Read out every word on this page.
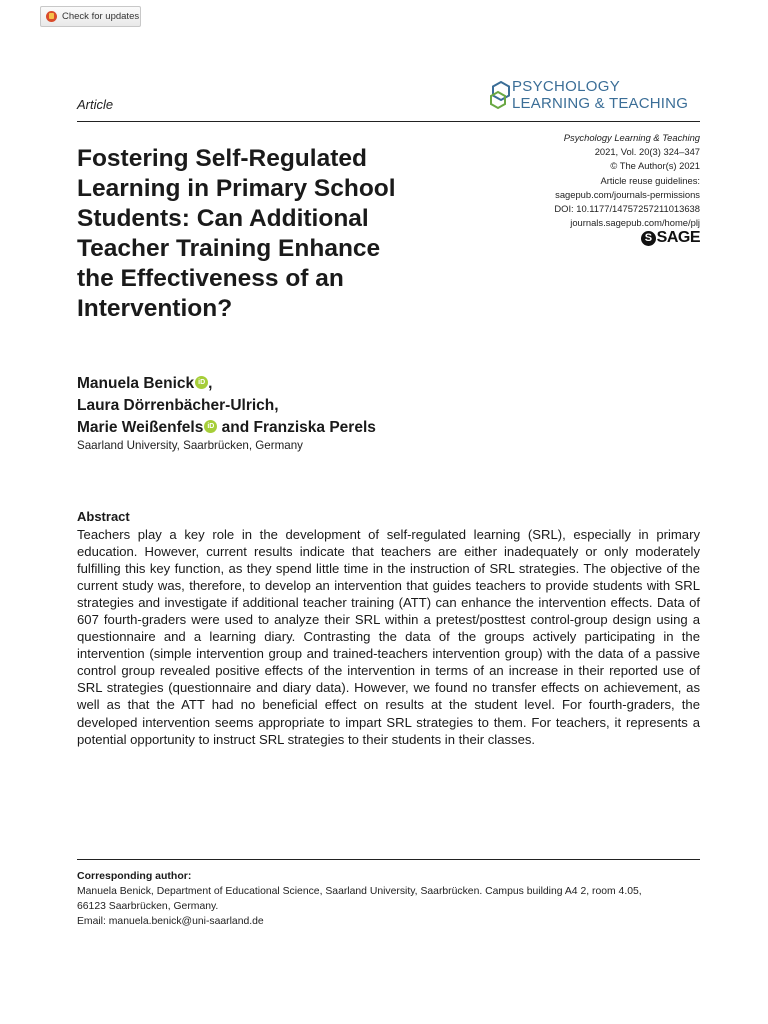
Check for updates
Article
PSYCHOLOGY
LEARNING & TEACHING
Psychology Learning & Teaching
2021, Vol. 20(3) 324–347
© The Author(s) 2021
Article reuse guidelines:
sagepub.com/journals-permissions
DOI: 10.1177/14757257211013638
journals.sagepub.com/home/plj
S SAGE
Fostering Self-Regulated
Learning in Primary School
Students: Can Additional
Teacher Training Enhance
the Effectiveness of an
Intervention?
Manuela BenickiD ,
Laura Dörrenbächer-Ulrich,
Marie WeißenfelsiD and Franziska Perels
Saarland University, Saarbrücken, Germany
Abstract
Teachers play a key role in the development of self-regulated learning (SRL), especially in primary education. However, current results indicate that teachers are either inadequately or only moderately fulfilling this key function, as they spend little time in the instruction of SRL strategies. The objective of the current study was, therefore, to develop an intervention that guides teachers to provide students with SRL strategies and investigate if additional teacher training (ATT) can enhance the intervention effects. Data of 607 fourth-graders were used to analyze their SRL within a pretest/posttest control-group design using a questionnaire and a learning diary. Contrasting the data of the groups actively participating in the intervention (simple intervention group and trained-teachers intervention group) with the data of a passive control group revealed positive effects of the intervention in terms of an increase in their reported use of SRL strategies (questionnaire and diary data). However, we found no transfer effects on achievement, as well as that the ATT had no beneficial effect on results at the student level. For fourth-graders, the developed intervention seems appropriate to impart SRL strategies to them. For teachers, it represents a potential opportunity to instruct SRL strategies to their students in their classes.
Corresponding author:
Manuela Benick, Department of Educational Science, Saarland University, Saarbrücken. Campus building A4 2, room 4.05,
66123 Saarbrücken, Germany.
Email: manuela.benick@uni-saarland.de
